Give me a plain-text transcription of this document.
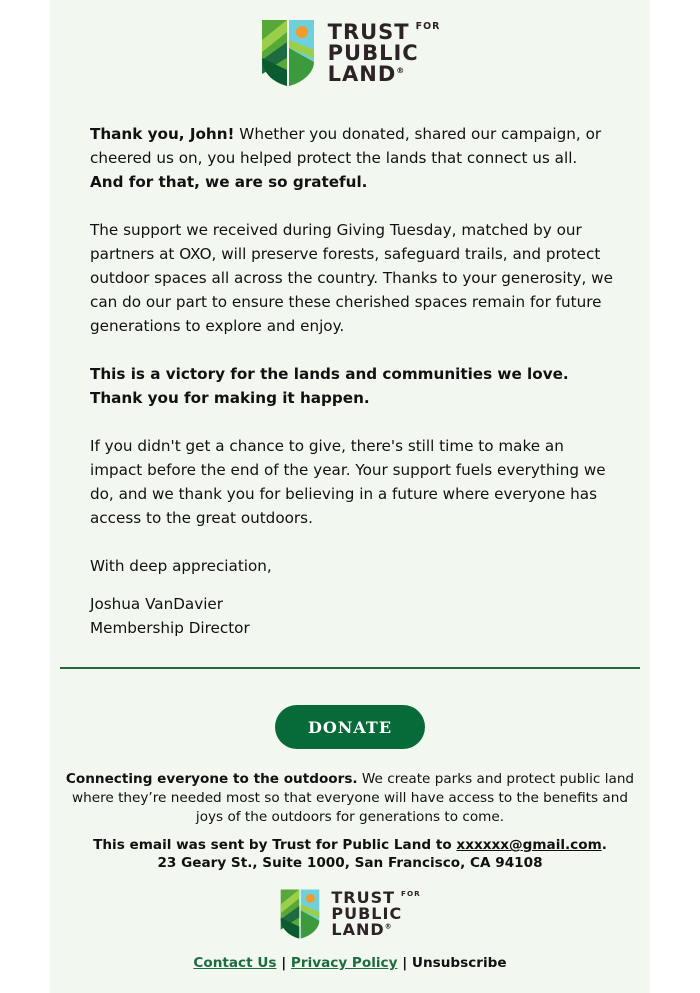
TRUST $^{FOR}$
PUBLIC
LAND®

Thank you, John! Whether you donated, shared our campaign, or cheered us on, you helped protect the lands that connect us all. And for that, we are so grateful.

The support we received during Giving Tuesday, matched by our partners at OXO, will preserve forests, safeguard trails, and protect outdoor spaces all across the country. Thanks to your generosity, we can do our part to ensure these cherished spaces remain for future generations to explore and enjoy.

This is a victory for the lands and communities we love. Thank you for making it happen.

If you didn't get a chance to give, there's still time to make an impact before the end of the year. Your support fuels everything we do, and we thank you for believing in a future where everyone has access to the great outdoors.

With deep appreciation,

Joshua VanDavier
Membership Director
DONATE
Connecting everyone to the outdoors. We create parks and protect public land where they’re needed most so that everyone will have access to the benefits and joys of the outdoors for generations to come.
This email was sent by Trust for Public Land to xxxxxx@gmail.com.
23 Geary St., Suite 1000, San Francisco, CA 94108
TRUST $^{FOR}$
PUBLIC
LAND®
Contact Us | Privacy Policy | Unsubscribe
